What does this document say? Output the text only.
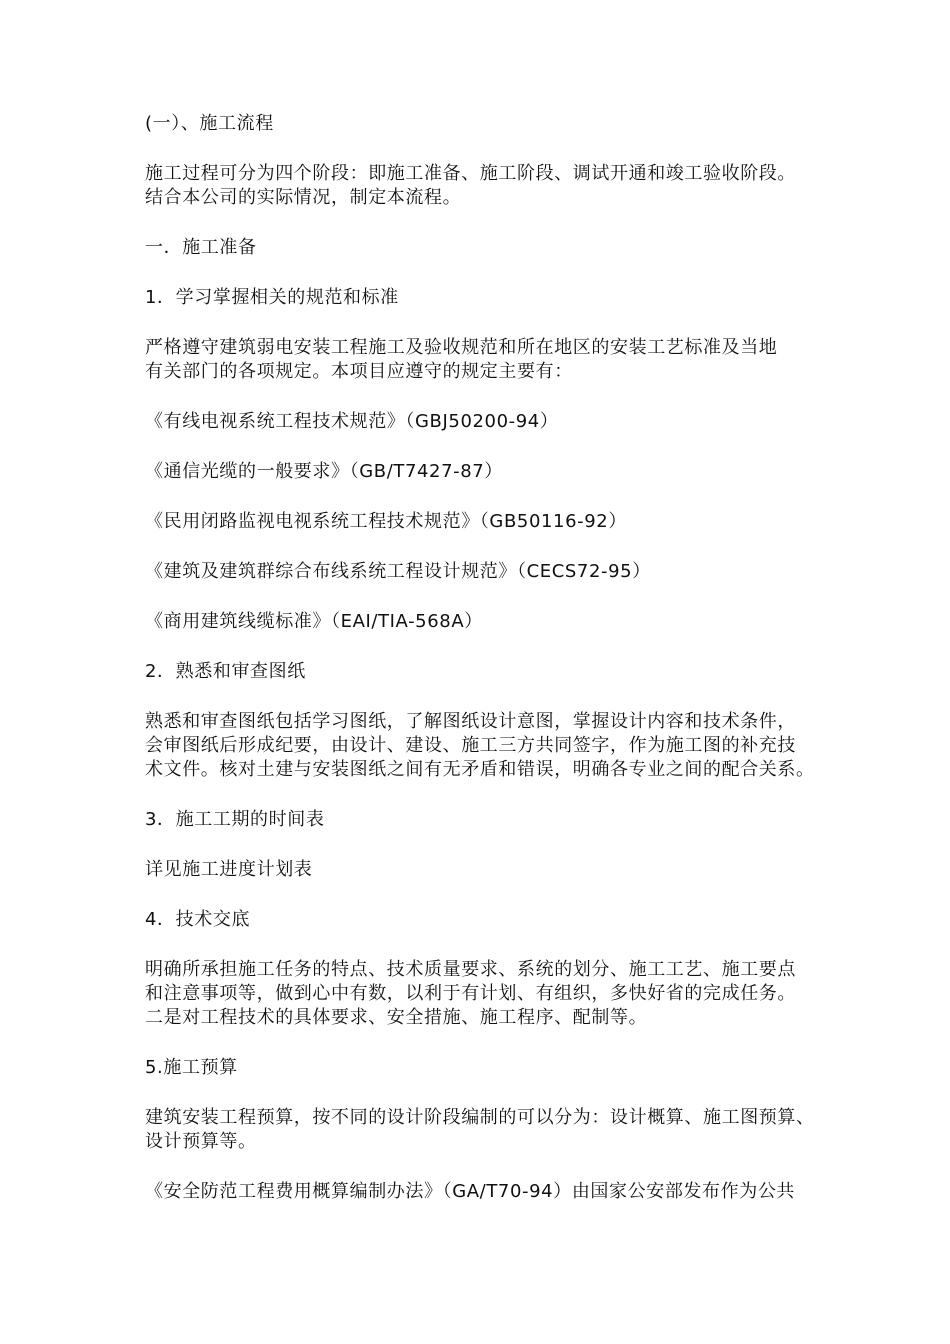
(一）、施工流程
施工过程可分为四个阶段：即施工准备、施工阶段、调试开通和竣工验收阶段。
结合本公司的实际情况，制定本流程。
一．施工准备
1．学习掌握相关的规范和标准
严格遵守建筑弱电安装工程施工及验收规范和所在地区的安装工艺标准及当地
有关部门的各项规定。本项目应遵守的规定主要有：
《有线电视系统工程技术规范》（GBJ50200-94）
《通信光缆的一般要求》（GB/T7427-87）
《民用闭路监视电视系统工程技术规范》（GB50116-92）
《建筑及建筑群综合布线系统工程设计规范》（CECS72-95）
《商用建筑线缆标准》（EAI/TIA-568A）
2．熟悉和审查图纸
熟悉和审查图纸包括学习图纸，了解图纸设计意图，掌握设计内容和技术条件，
会审图纸后形成纪要，由设计、建设、施工三方共同签字，作为施工图的补充技
术文件。核对土建与安装图纸之间有无矛盾和错误，明确各专业之间的配合关系。
3．施工工期的时间表
详见施工进度计划表
4．技术交底
明确所承担施工任务的特点、技术质量要求、系统的划分、施工工艺、施工要点
和注意事项等，做到心中有数，以利于有计划、有组织，多快好省的完成任务。
二是对工程技术的具体要求、安全措施、施工程序、配制等。
5.施工预算
建筑安装工程预算，按不同的设计阶段编制的可以分为：设计概算、施工图预算、
设计预算等。
《安全防范工程费用概算编制办法》（GA/T70-94）由国家公安部发布作为公共
